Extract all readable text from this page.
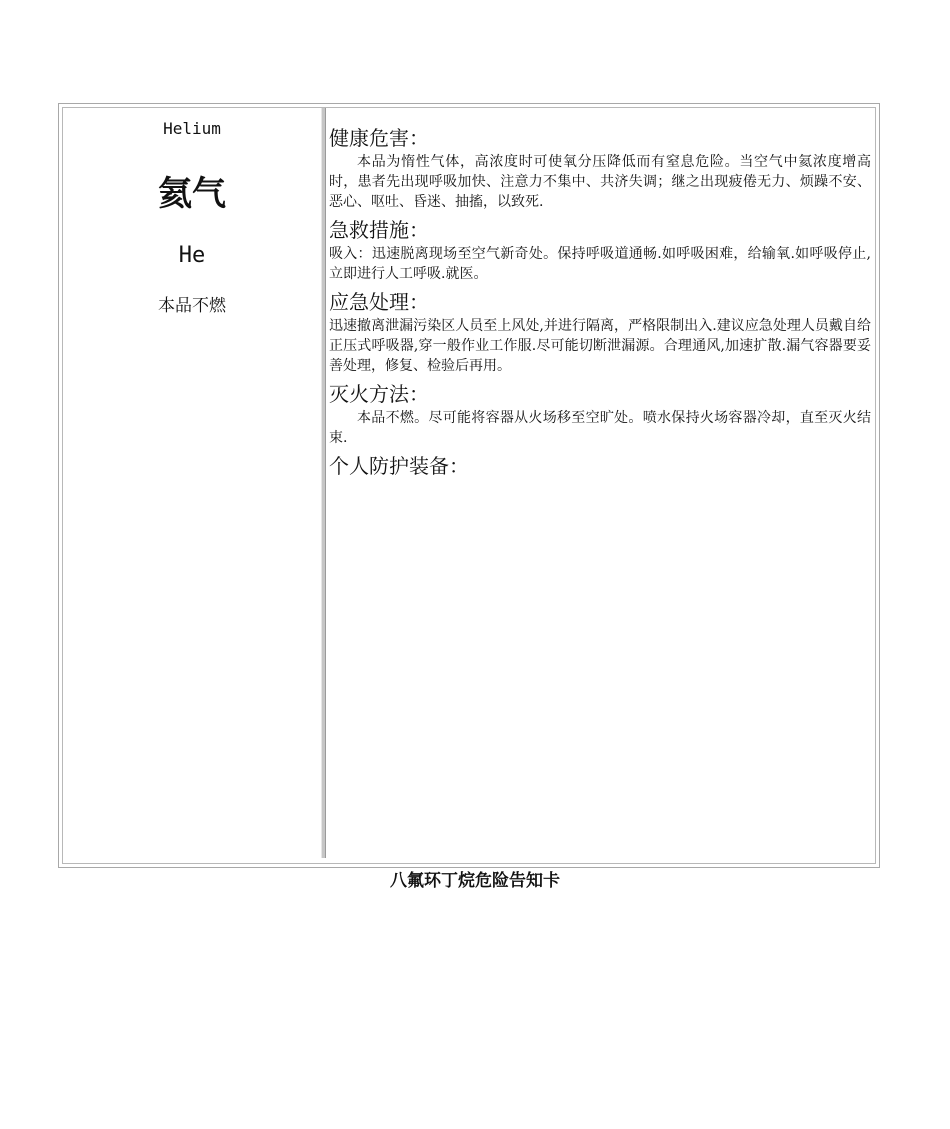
Helium
氦气
He
本品不燃
健康危害：

本品为惰性气体，高浓度时可使氧分压降低而有窒息危险。当空气中氦浓度增高时，患者先出现呼吸加快、注意力不集中、共济失调；继之出现疲倦无力、烦躁不安、恶心、呕吐、昏迷、抽搐，以致死.

急救措施：

吸入：迅速脱离现场至空气新奇处。保持呼吸道通畅.如呼吸困难，给输氧.如呼吸停止,立即进行人工呼吸.就医。

应急处理：

迅速撤离泄漏污染区人员至上风处,并进行隔离，严格限制出入.建议应急处理人员戴自给正压式呼吸器,穿一般作业工作服.尽可能切断泄漏源。合理通风,加速扩散.漏气容器要妥善处理，修复、检验后再用。

灭火方法：

本品不燃。尽可能将容器从火场移至空旷处。喷水保持火场容器冷却，直至灭火结束.

个人防护装备：
八氟环丁烷危险告知卡
